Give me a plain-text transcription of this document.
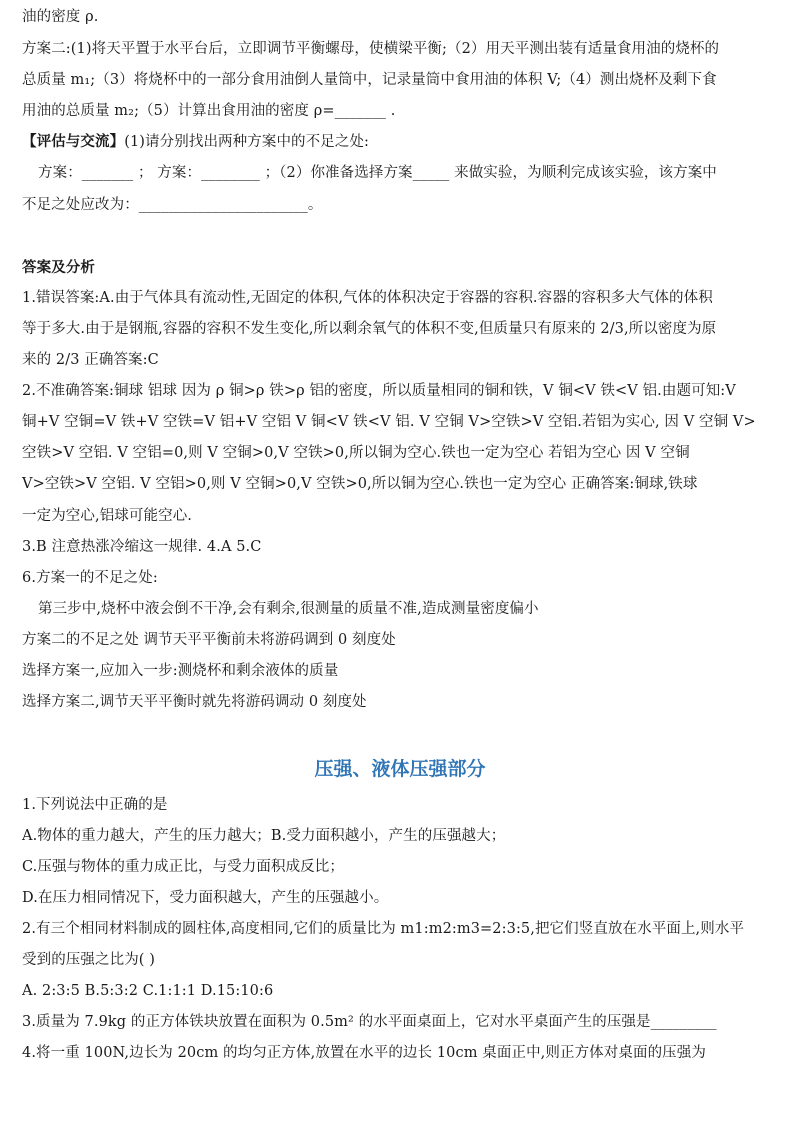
油的密度 ρ.
方案二:(1)将天平置于水平台后，立即调节平衡螺母，使横梁平衡;（2）用天平测出装有适量食用油的烧杯的
总质量 m₁;（3）将烧杯中的一部分食用油倒人量筒中，记录量筒中食用油的体积 V;（4）测出烧杯及剩下食
用油的总质量 m₂;（5）计算出食用油的密度 ρ=_______ .
【评估与交流】(1)请分别找出两种方案中的不足之处:
方案：_______ ； 方案：________ ；（2）你准备选择方案_____ 来做实验，为顺利完成该实验，该方案中
不足之处应改为：_______________________。
答案及分析
1.错误答案:A.由于气体具有流动性,无固定的体积,气体的体积决定于容器的容积.容器的容积多大气体的体积
等于多大.由于是钢瓶,容器的容积不发生变化,所以剩余氧气的体积不变,但质量只有原来的 2/3,所以密度为原
来的 2/3 正确答案:C
2.不准确答案:铜球 铝球 因为 ρ 铜>ρ 铁>ρ 铝的密度，所以质量相同的铜和铁，V 铜<V 铁<V 铝.由题可知:V
铜+V 空铜=V 铁+V 空铁=V 铝+V 空铝 V 铜<V 铁<V 铝. V 空铜 V>空铁>V 空铝.若铝为实心, 因 V 空铜 V>
空铁>V 空铝. V 空铝=0,则 V 空铜>0,V 空铁>0,所以铜为空心.铁也一定为空心 若铝为空心 因 V 空铜
V>空铁>V 空铝. V 空铝>0,则 V 空铜>0,V 空铁>0,所以铜为空心.铁也一定为空心 正确答案:铜球,铁球
一定为空心,铝球可能空心.
3.B 注意热涨冷缩这一规律. 4.A 5.C
6.方案一的不足之处:
第三步中,烧杯中液会倒不干净,会有剩余,很测量的质量不准,造成测量密度偏小
方案二的不足之处 调节天平平衡前未将游码调到 0 刻度处
选择方案一,应加入一步:测烧杯和剩余液体的质量
选择方案二,调节天平平衡时就先将游码调动 0 刻度处
压强、液体压强部分
1.下列说法中正确的是
A.物体的重力越大，产生的压力越大；B.受力面积越小，产生的压强越大；
C.压强与物体的重力成正比，与受力面积成反比；
D.在压力相同情况下，受力面积越大，产生的压强越小。
2.有三个相同材料制成的圆柱体,高度相同,它们的质量比为 m1:m2:m3=2:3:5,把它们竖直放在水平面上,则水平
受到的压强之比为( )
A. 2:3:5 B.5:3:2 C.1:1:1 D.15:10:6
3.质量为 7.9kg 的正方体铁块放置在面积为 0.5m² 的水平面桌面上，它对水平桌面产生的压强是_________
4.将一重 100N,边长为 20cm 的均匀正方体,放置在水平的边长 10cm 桌面正中,则正方体对桌面的压强为
